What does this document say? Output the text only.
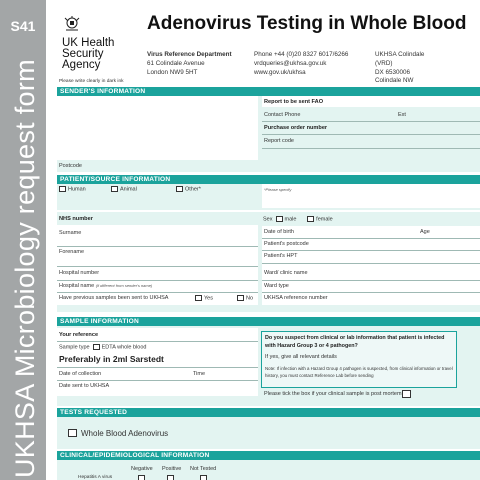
S41
UKHSA Microbiology request form
UK Health
Security
Agency
Adenovirus Testing in Whole Blood
Virus Reference Department
61 Colindale Avenue
London NW9 5HT
Phone +44 (0)20 8327 6017/6266
vrdqueries@ukhsa.gov.uk
www.gov.uk/ukhsa
UKHSA Colindale
(VRD)
DX 6530006
Colindale NW
Please write clearly in dark ink
SENDER'S INFORMATION
Postcode
Report to be sent FAO
Contact Phone	Ext
Purchase order number
Report code
PATIENT/SOURCE INFORMATION
Human	Animal	Other*	*Please specify
NHS number
Surname
Forename
Hospital number
Hospital name (if different from sender's name)
Have previous samples been sent to UKHSA	Yes	No
Sex male	female
Date of birth	Age
Patient's postcode
Patient's HPT
Ward/ clinic name
Ward type
UKHSA reference number
SAMPLE INFORMATION
Your reference
Sample type EDTA whole blood
Preferably in 2ml Sarstedt
Date of collection	Time
Date sent to UKHSA
Do you suspect from clinical or lab information that patient is infected with Hazard Group 3 or 4 pathogen?
If yes, give all relevant details
Note: If infection with a Hazard Group 4 pathogen is suspected, from clinical information or travel history, you must contact Reference Lab before sending
Please tick the box if your clinical sample is post mortem
TESTS REQUESTED
Whole Blood Adenovirus
CLINICAL/EPIDEMIOLOGICAL INFORMATION
Negative Positive Not Tested
Hepatitis A virus
